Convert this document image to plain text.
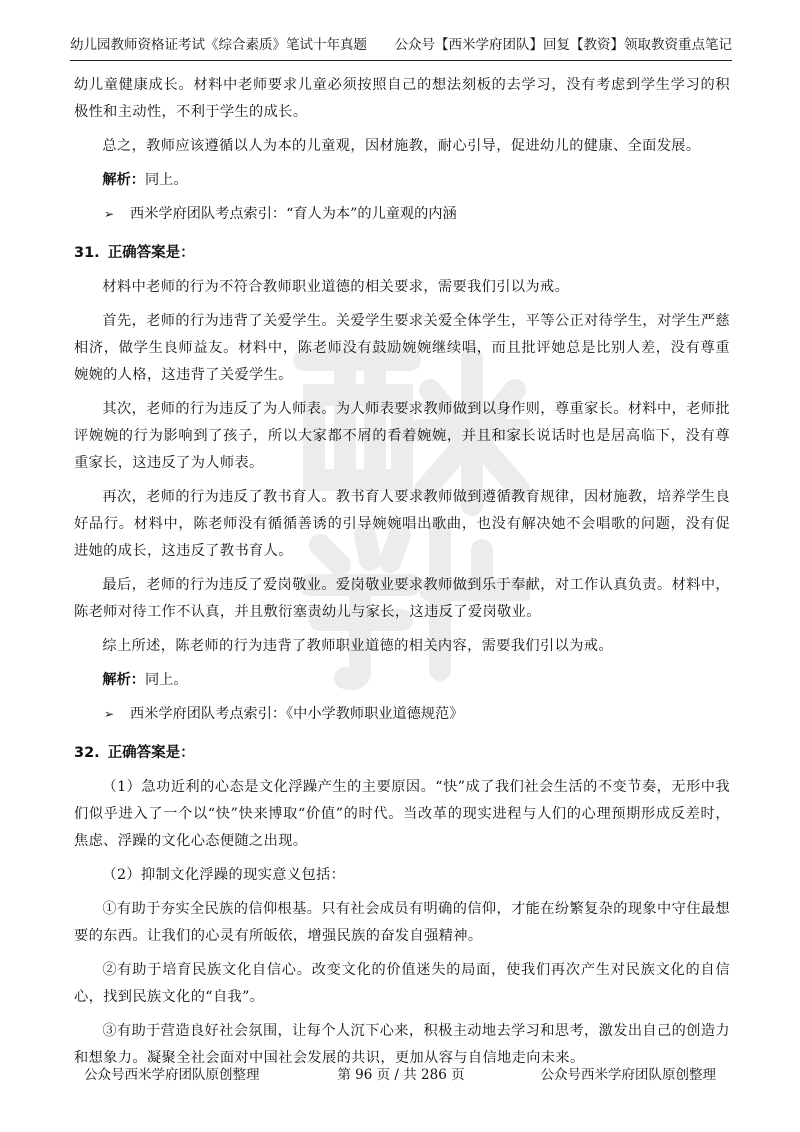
幼儿园教师资格证考试《综合素质》笔试十年真题 公众号【西米学府团队】回复【教资】领取教资重点笔记

幼儿童健康成长。材料中老师要求儿童必须按照自己的想法刻板的去学习，没有考虑到学生学习的积极性和主动性，不利于学生的成长。

总之，教师应该遵循以人为本的儿童观，因材施教，耐心引导，促进幼儿的健康、全面发展。

解析：同上。

➢ 西米学府团队考点索引：“育人为本”的儿童观的内涵
31. 正确答案是：

材料中老师的行为不符合教师职业道德的相关要求，需要我们引以为戒。

首先，老师的行为违背了关爱学生。关爱学生要求关爱全体学生，平等公正对待学生，对学生严慈相济，做学生良师益友。材料中，陈老师没有鼓励婉婉继续唱，而且批评她总是比别人差，没有尊重婉婉的人格，这违背了关爱学生。

其次，老师的行为违反了为人师表。为人师表要求教师做到以身作则，尊重家长。材料中，老师批评婉婉的行为影响到了孩子，所以大家都不屑的看着婉婉，并且和家长说话时也是居高临下，没有尊重家长，这违反了为人师表。

再次，老师的行为违反了教书育人。教书育人要求教师做到遵循教育规律，因材施教，培养学生良好品行。材料中，陈老师没有循循善诱的引导婉婉唱出歌曲，也没有解决她不会唱歌的问题，没有促进她的成长，这违反了教书育人。

最后，老师的行为违反了爱岗敬业。爱岗敬业要求教师做到乐于奉献，对工作认真负责。材料中，陈老师对待工作不认真，并且敷衍塞责幼儿与家长，这违反了爱岗敬业。

综上所述，陈老师的行为违背了教师职业道德的相关内容，需要我们引以为戒。

解析：同上。

➢ 西米学府团队考点索引：《中小学教师职业道德规范》
32. 正确答案是：

（1）急功近利的心态是文化浮躁产生的主要原因。“快”成了我们社会生活的不变节奏，无形中我们似乎进入了一个以“快”快来博取“价值”的时代。当改革的现实进程与人们的心理预期形成反差时，焦虑、浮躁的文化心态便随之出现。

（2）抑制文化浮躁的现实意义包括：

①有助于夯实全民族的信仰根基。只有社会成员有明确的信仰，才能在纷繁复杂的现象中守住最想要的东西。让我们的心灵有所皈依，增强民族的奋发自强精神。

②有助于培育民族文化自信心。改变文化的价值迷失的局面，使我们再次产生对民族文化的自信心，找到民族文化的“自我”。

③有助于营造良好社会氛围，让每个人沉下心来，积极主动地去学习和思考，激发出自己的创造力和想象力。凝聚全社会面对中国社会发展的共识，更加从容与自信地走向未来。

公众号西米学府团队原创整理	第 96 页 / 共 286 页	公众号西米学府团队原创整理
